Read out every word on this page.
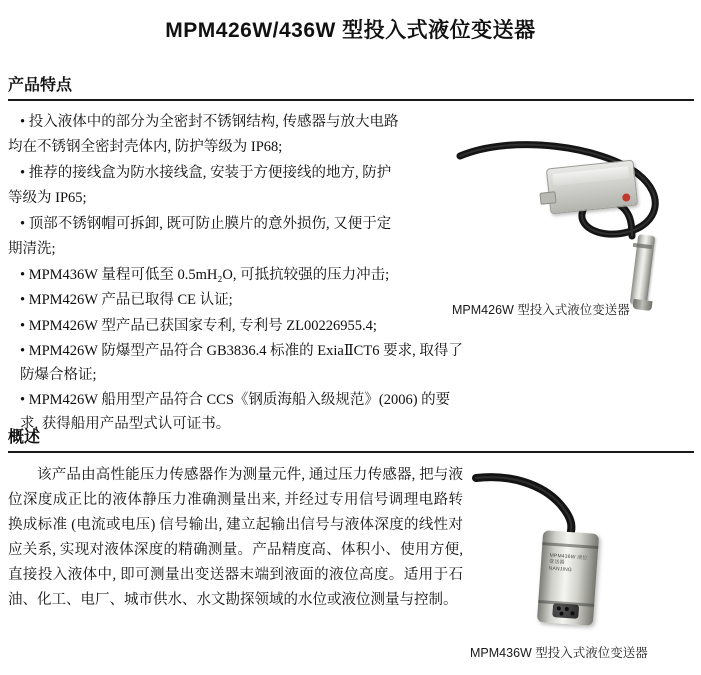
MPM426W/436W 型投入式液位变送器
产品特点

• 投入液体中的部分为全密封不锈钢结构, 传感器与放大电路

均在不锈钢全密封壳体内, 防护等级为 IP68;

• 推荐的接线盒为防水接线盒, 安装于方便接线的地方, 防护

等级为 IP65;

• 顶部不锈钢帽可拆卸, 既可防止膜片的意外损伤, 又便于定

期清洗;

• MPM436W 量程可低至 0.5mH₂O, 可抵抗较强的压力冲击;

• MPM426W 产品已取得 CE 认证;

• MPM426W 型产品已获国家专利, 专利号 ZL00226955.4;

• MPM426W 防爆型产品符合 GB3836.4 标准的 ExiaⅡCT6 要求, 取得了防爆合格证;

• MPM426W 船用型产品符合 CCS《钢质海船入级规范》(2006) 的要求, 获得船用产品型式认可证书。

MPM426W 型投入式液位变送器
概述

该产品由高性能压力传感器作为测量元件, 通过压力传感器, 把与液位深度成正比的液体静压力准确测量出来, 并经过专用信号调理电路转换成标准 (电流或电压) 信号输出, 建立起输出信号与液体深度的线性对应关系, 实现对液体深度的精确测量。产品精度高、体积小、使用方便, 直接投入液体中, 即可测量出变送器末端到液面的液位高度。适用于石油、化工、电厂、城市供水、水文勘探领域的水位或液位测量与控制。

MPM436W 液位变送器 NANJING
MPM436W 型投入式液位变送器
